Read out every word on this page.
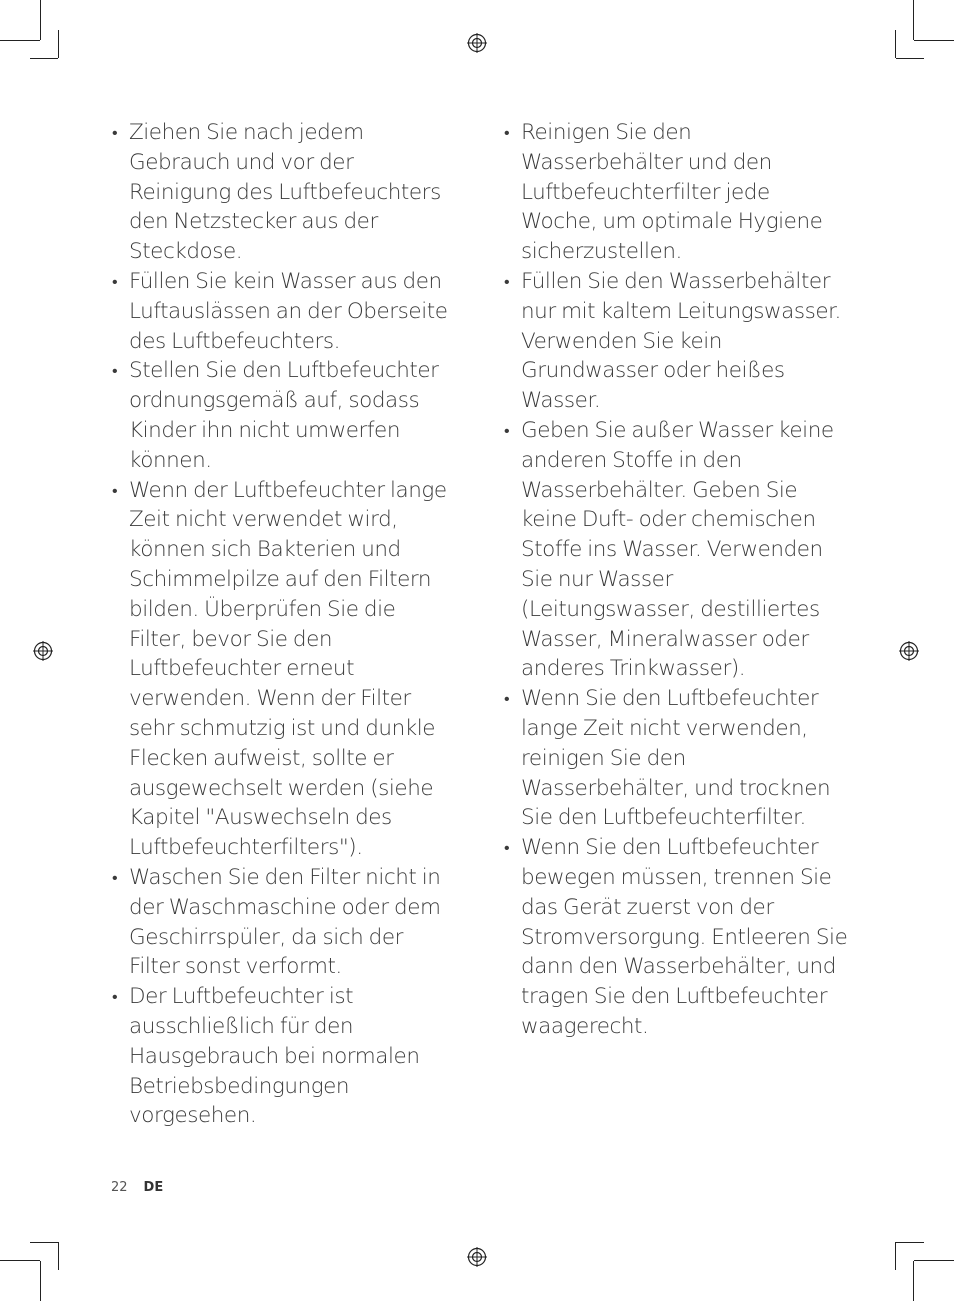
• Ziehen Sie nach jedem Gebrauch und vor der Reinigung des Luftbefeuchters den Netzstecker aus der Steckdose.
• Füllen Sie kein Wasser aus den Luftauslässen an der Oberseite des Luftbefeuchters.
• Stellen Sie den Luftbefeuchter ordnungsgemäß auf, sodass Kinder ihn nicht umwerfen können.
• Wenn der Luftbefeuchter lange Zeit nicht verwendet wird, können sich Bakterien und Schimmelpilze auf den Filtern bilden. Überprüfen Sie die Filter, bevor Sie den Luftbefeuchter erneut verwenden. Wenn der Filter sehr schmutzig ist und dunkle Flecken aufweist, sollte er ausgewechselt werden (siehe Kapitel "Auswechseln des Luftbefeuchterfilters").
• Waschen Sie den Filter nicht in der Waschmaschine oder dem Geschirrspüler, da sich der Filter sonst verformt.
• Der Luftbefeuchter ist ausschließlich für den Hausgebrauch bei normalen Betriebsbedingungen vorgesehen.
• Reinigen Sie den Wasserbehälter und den Luftbefeuchterfilter jede Woche, um optimale Hygiene sicherzustellen.
• Füllen Sie den Wasserbehälter nur mit kaltem Leitungswasser. Verwenden Sie kein Grundwasser oder heißes Wasser.
• Geben Sie außer Wasser keine anderen Stoffe in den Wasserbehälter. Geben Sie keine Duft- oder chemischen Stoffe ins Wasser. Verwenden Sie nur Wasser (Leitungswasser, destilliertes Wasser, Mineralwasser oder anderes Trinkwasser).
• Wenn Sie den Luftbefeuchter lange Zeit nicht verwenden, reinigen Sie den Wasserbehälter, und trocknen Sie den Luftbefeuchterfilter.
• Wenn Sie den Luftbefeuchter bewegen müssen, trennen Sie das Gerät zuerst von der Stromversorgung. Entleeren Sie dann den Wasserbehälter, und tragen Sie den Luftbefeuchter waagerecht.
22 DE
